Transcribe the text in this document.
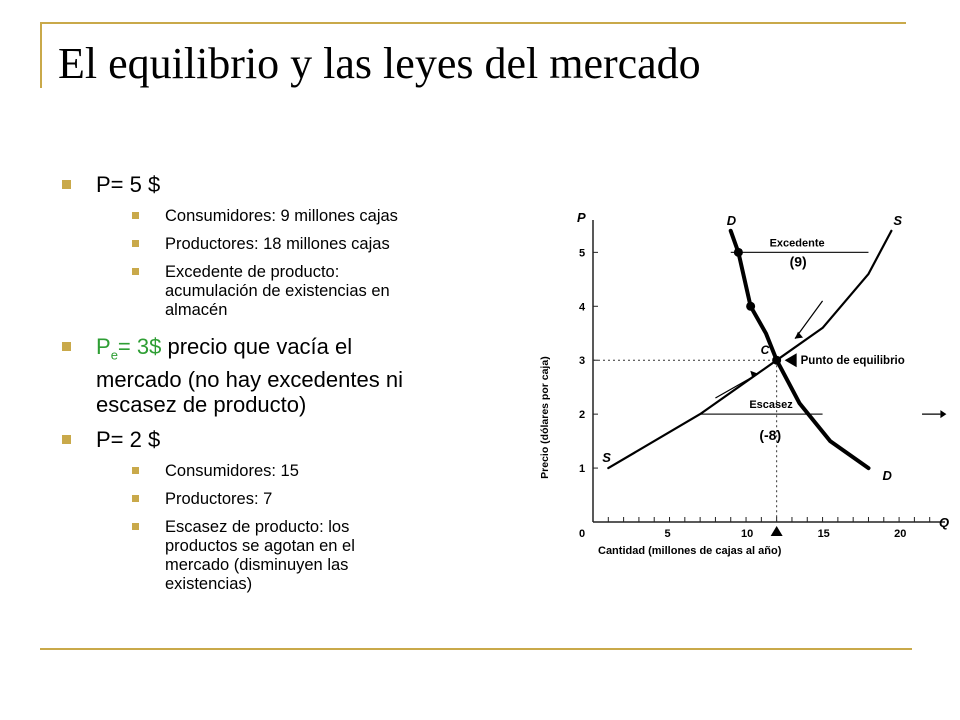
El equilibrio y las leyes del mercado
P= 5 $
Consumidores: 9 millones cajas
Productores: 18 millones cajas
Excedente de producto: acumulación de existencias en almacén
$P_e=$ 3$ precio que vacía el mercado (no hay excedentes ni escasez de producto)
P= 2 $
Consumidores: 15
Productores: 7
Escasez de producto: los productos se agotan en el mercado (disminuyen las existencias)
Q
P
0	5	10	15	20
1
2
3
4
5
Cantidad (millones de cajas al año)
Precio (dólares por caja)
Excedente
(9)
Escasez
(-8)
D
D
S
S
C
Punto de equilibrio
